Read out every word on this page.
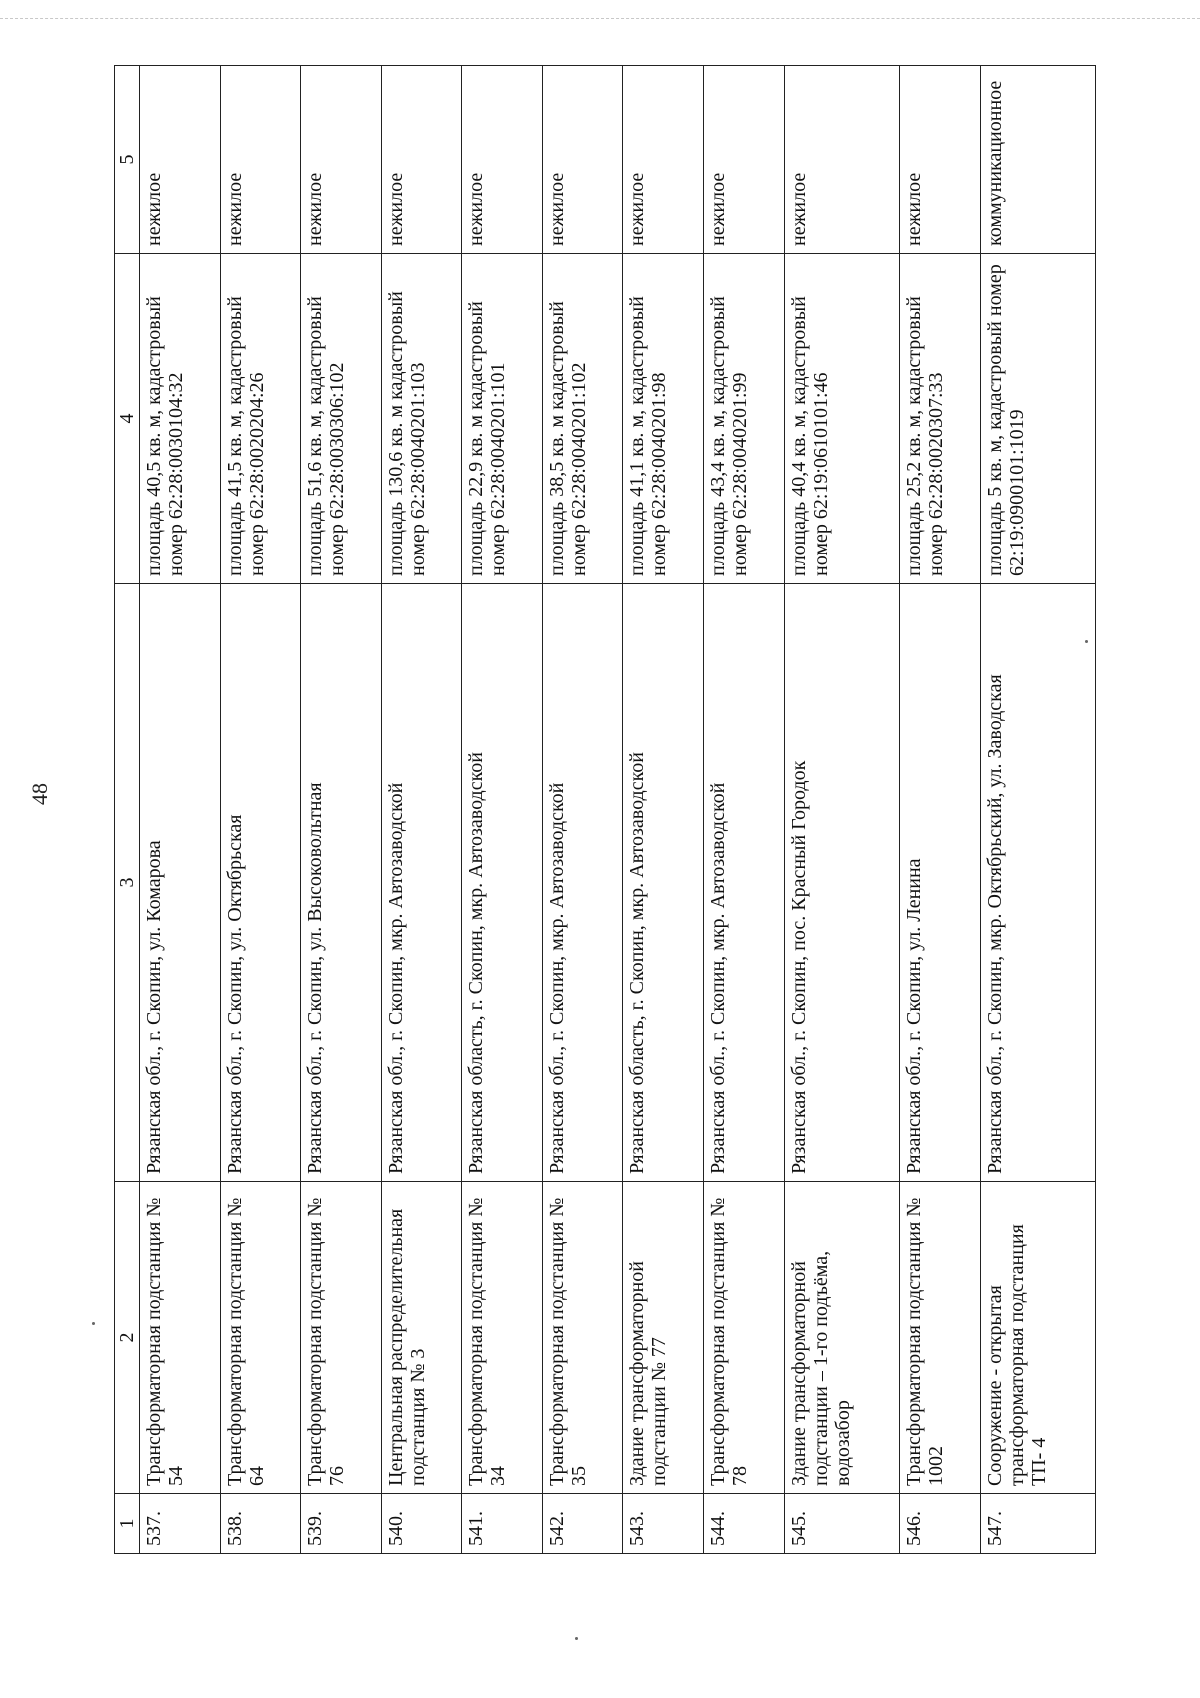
48
1	2	3	4	5
537.	Трансформаторная подстанция № 54	Рязанская обл., г. Скопин, ул. Комарова	площадь 40,5 кв. м, кадастровый номер 62:28:0030104:32	нежилое
538.	Трансформаторная подстанция № 64	Рязанская обл., г. Скопин, ул. Октябрьская	площадь 41,5 кв. м, кадастровый номер 62:28:0020204:26	нежилое
539.	Трансформаторная подстанция № 76	Рязанская обл., г. Скопин, ул. Высоковольтная	площадь 51,6 кв. м, кадастровый номер 62:28:0030306:102	нежилое
540.	Центральная распределительная подстанция № 3	Рязанская обл., г. Скопин, мкр. Автозаводской	площадь 130,6 кв. м кадастровый номер 62:28:0040201:103	нежилое
541.	Трансформаторная подстанция № 34	Рязанская область, г. Скопин, мкр. Автозаводской	площадь 22,9 кв. м кадастровый номер 62:28:0040201:101	нежилое
542.	Трансформаторная подстанция № 35	Рязанская обл., г. Скопин, мкр. Автозаводской	площадь 38,5 кв. м кадастровый номер 62:28:0040201:102	нежилое
543.	Здание трансформаторной подстанции № 77	Рязанская область, г. Скопин, мкр. Автозаводской	площадь 41,1 кв. м, кадастровый номер 62:28:0040201:98	нежилое
544.	Трансформаторная подстанция № 78	Рязанская обл., г. Скопин, мкр. Автозаводской	площадь 43,4 кв. м, кадастровый номер 62:28:0040201:99	нежилое
545.	Здание трансформаторной подстанции – 1-го подъёма, водозабор	Рязанская обл., г. Скопин, пос. Красный Городок	площадь 40,4 кв. м, кадастровый номер 62:19:0610101:46	нежилое
546.	Трансформаторная подстанция № 1002	Рязанская обл., г. Скопин, ул. Ленина	площадь 25,2 кв. м, кадастровый номер 62:28:0020307:33	нежилое
547.	Сооружение - открытая трансформаторная подстанция ТП- 4	Рязанская обл., г. Скопин, мкр. Октябрьский, ул. Заводская	площадь 5 кв. м, кадастровый номер 62:19:0900101:1019	коммуникационное
